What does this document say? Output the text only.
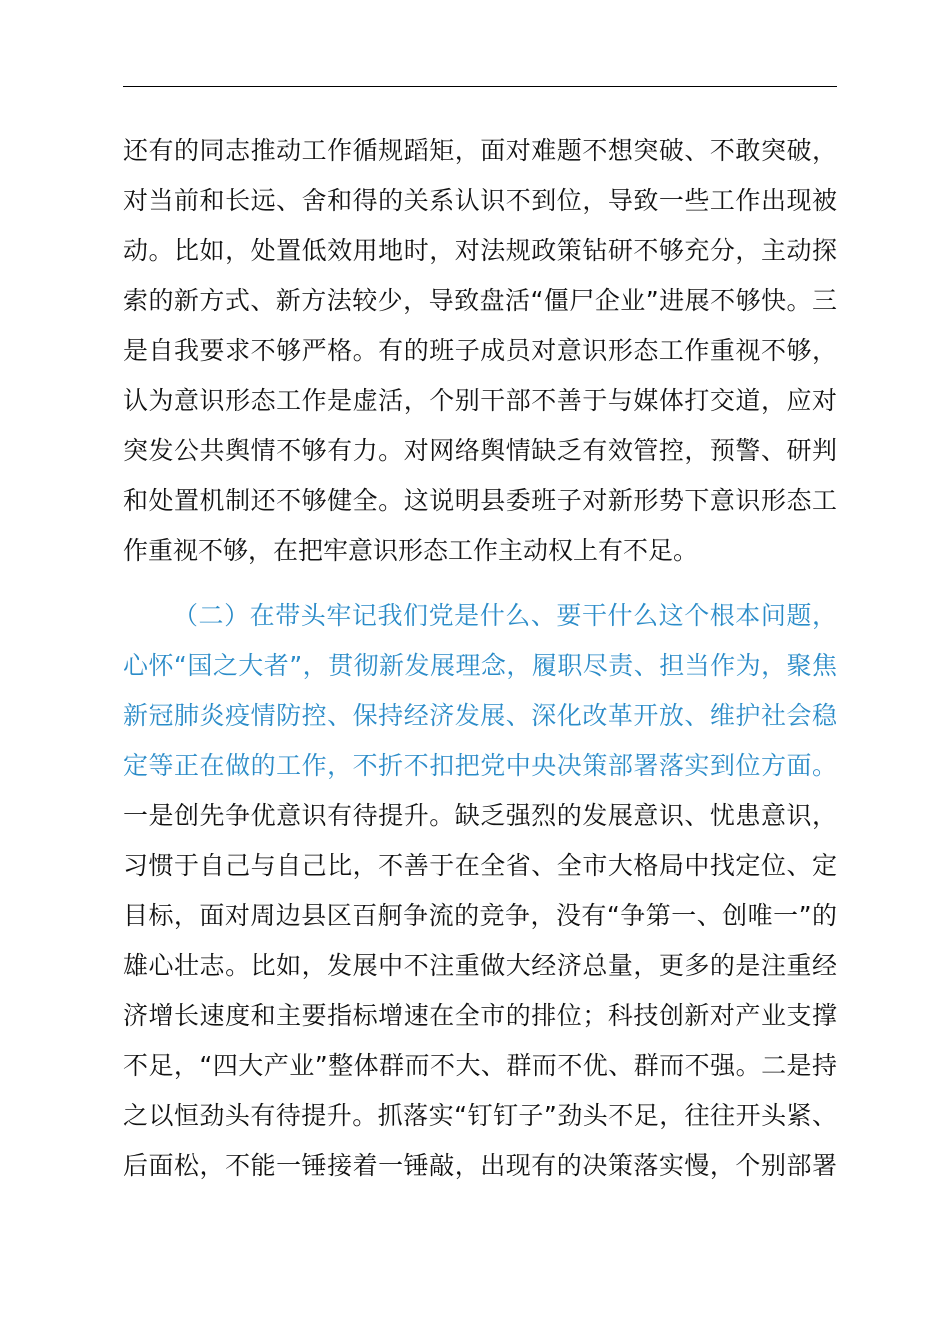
还有的同志推动工作循规蹈矩，面对难题不想突破、不敢突破，
对当前和长远、舍和得的关系认识不到位，导致一些工作出现被
动。比如，处置低效用地时，对法规政策钻研不够充分，主动探
索的新方式、新方法较少，导致盘活“僵尸企业”进展不够快。三
是自我要求不够严格。有的班子成员对意识形态工作重视不够，
认为意识形态工作是虚活，个别干部不善于与媒体打交道，应对
突发公共舆情不够有力。对网络舆情缺乏有效管控，预警、研判
和处置机制还不够健全。这说明县委班子对新形势下意识形态工
作重视不够，在把牢意识形态工作主动权上有不足。
（二）在带头牢记我们党是什么、要干什么这个根本问题，
心怀“国之大者”，贯彻新发展理念，履职尽责、担当作为，聚焦
新冠肺炎疫情防控、保持经济发展、深化改革开放、维护社会稳
定等正在做的工作，不折不扣把党中央决策部署落实到位方面。
一是创先争优意识有待提升。缺乏强烈的发展意识、忧患意识，
习惯于自己与自己比，不善于在全省、全市大格局中找定位、定
目标，面对周边县区百舸争流的竞争，没有“争第一、创唯一”的
雄心壮志。比如，发展中不注重做大经济总量，更多的是注重经
济增长速度和主要指标增速在全市的排位；科技创新对产业支撑
不足，“四大产业”整体群而不大、群而不优、群而不强。二是持
之以恒劲头有待提升。抓落实“钉钉子”劲头不足，往往开头紧、
后面松，不能一锤接着一锤敲，出现有的决策落实慢，个别部署
